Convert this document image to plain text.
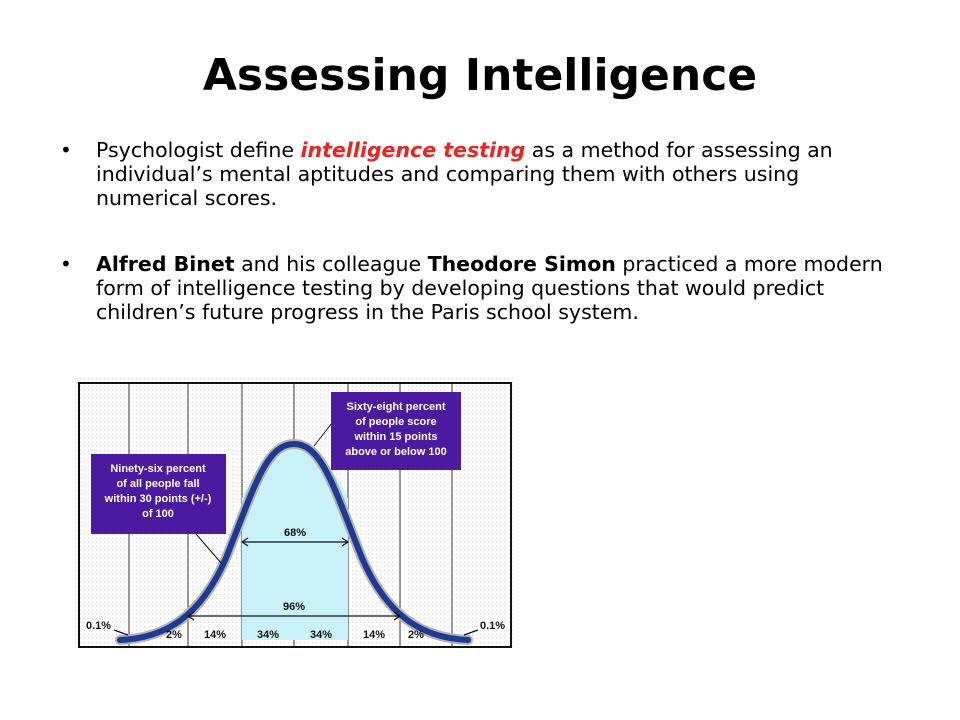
Assessing Intelligence
• Psychologist define intelligence testing as a method for assessing an individual’s mental aptitudes and comparing them with others using numerical scores.
• Alfred Binet and his colleague Theodore Simon practiced a more modern form of intelligence testing by developing questions that would predict children’s future progress in the Paris school system.
68%
96%
2% 14%	34%	34%	14% 2%
0.1%	0.1%
Ninety-six percent
of all people fall
within 30 points (+/-)
of 100
Sixty-eight percent
of people score
within 15 points
above or below 100
